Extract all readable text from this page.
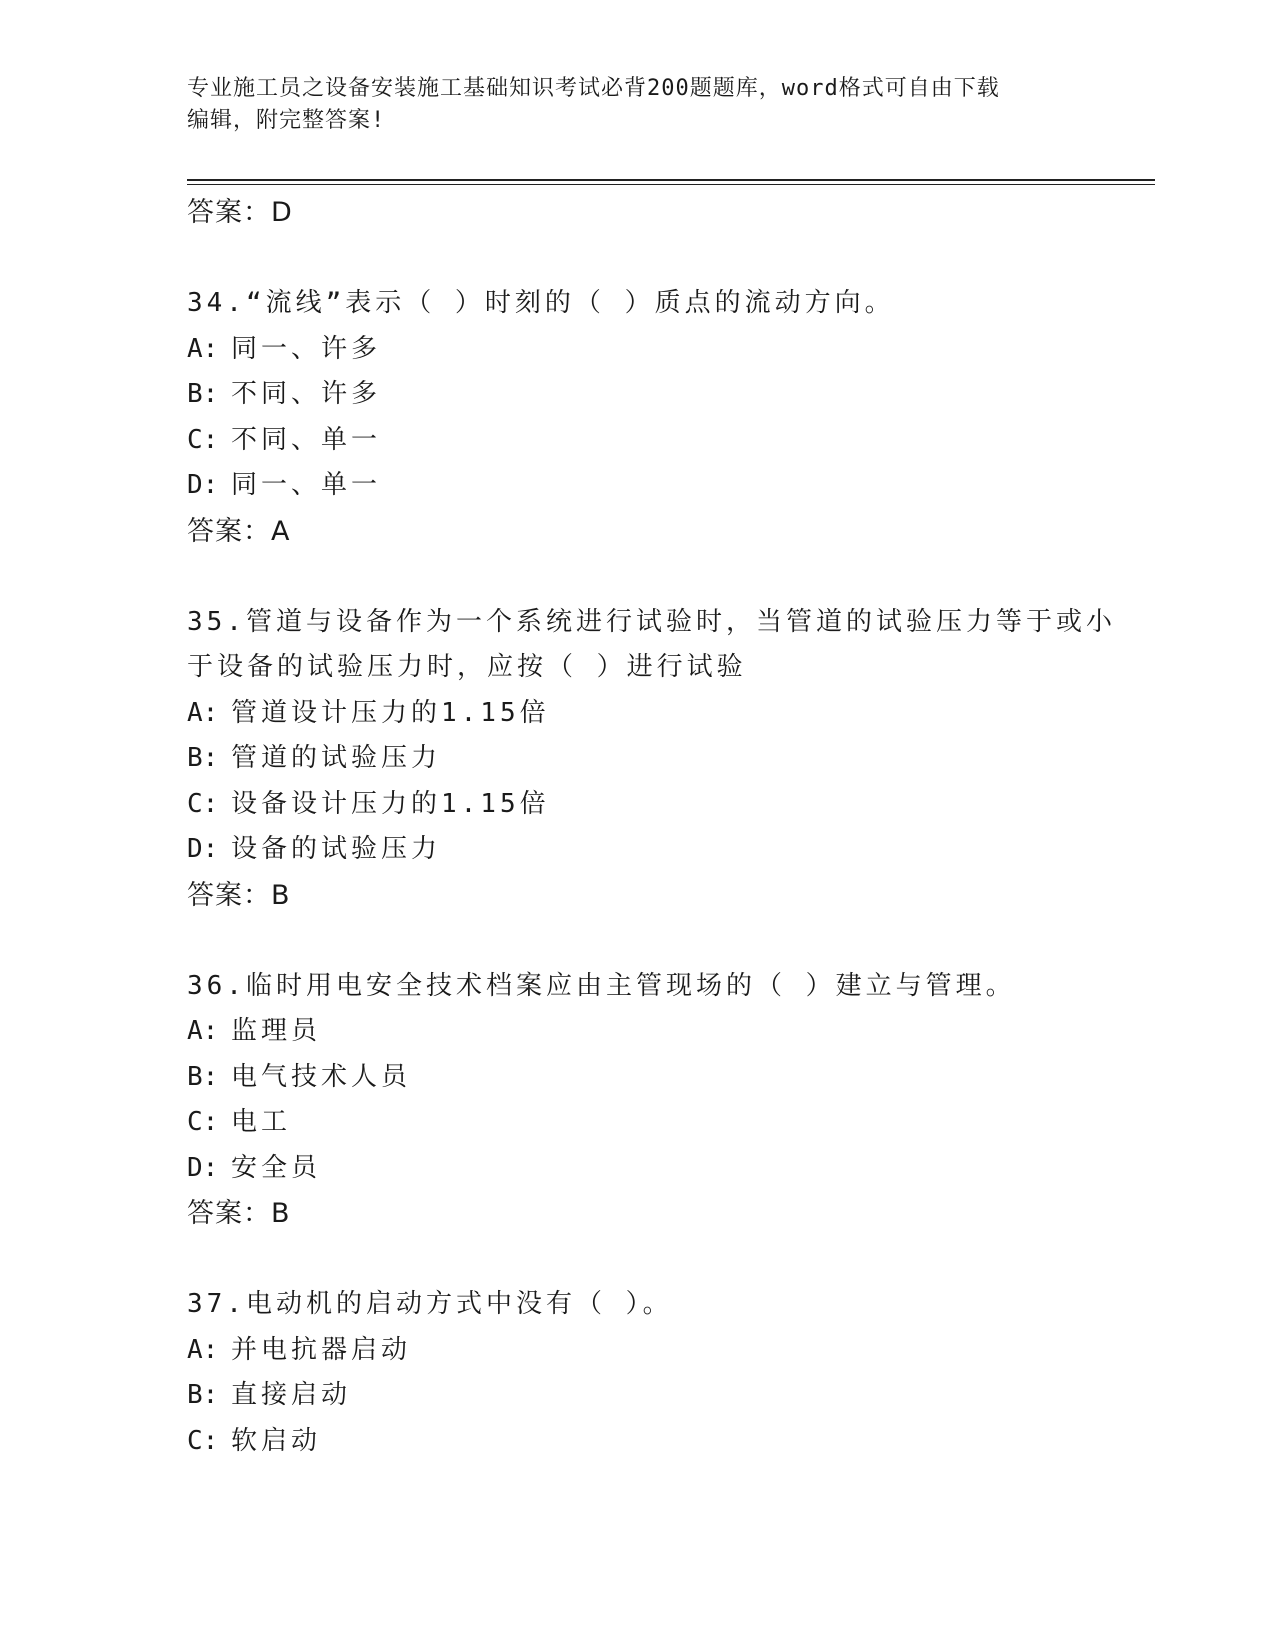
专业施工员之设备安装施工基础知识考试必背200题题库，word格式可自由下载
编辑，附完整答案!
答案：D
34.“流线”表示（ ）时刻的（ ）质点的流动方向。
A: 同一、许多
B: 不同、许多
C: 不同、单一
D: 同一、单一
答案：A
35.管道与设备作为一个系统进行试验时，当管道的试验压力等于或小
于设备的试验压力时，应按（ ）进行试验
A: 管道设计压力的1.15倍
B: 管道的试验压力
C: 设备设计压力的1.15倍
D: 设备的试验压力
答案：B
36.临时用电安全技术档案应由主管现场的（ ）建立与管理。
A: 监理员
B: 电气技术人员
C: 电工
D: 安全员
答案：B
37.电动机的启动方式中没有（ ）。
A: 并电抗器启动
B: 直接启动
C: 软启动
